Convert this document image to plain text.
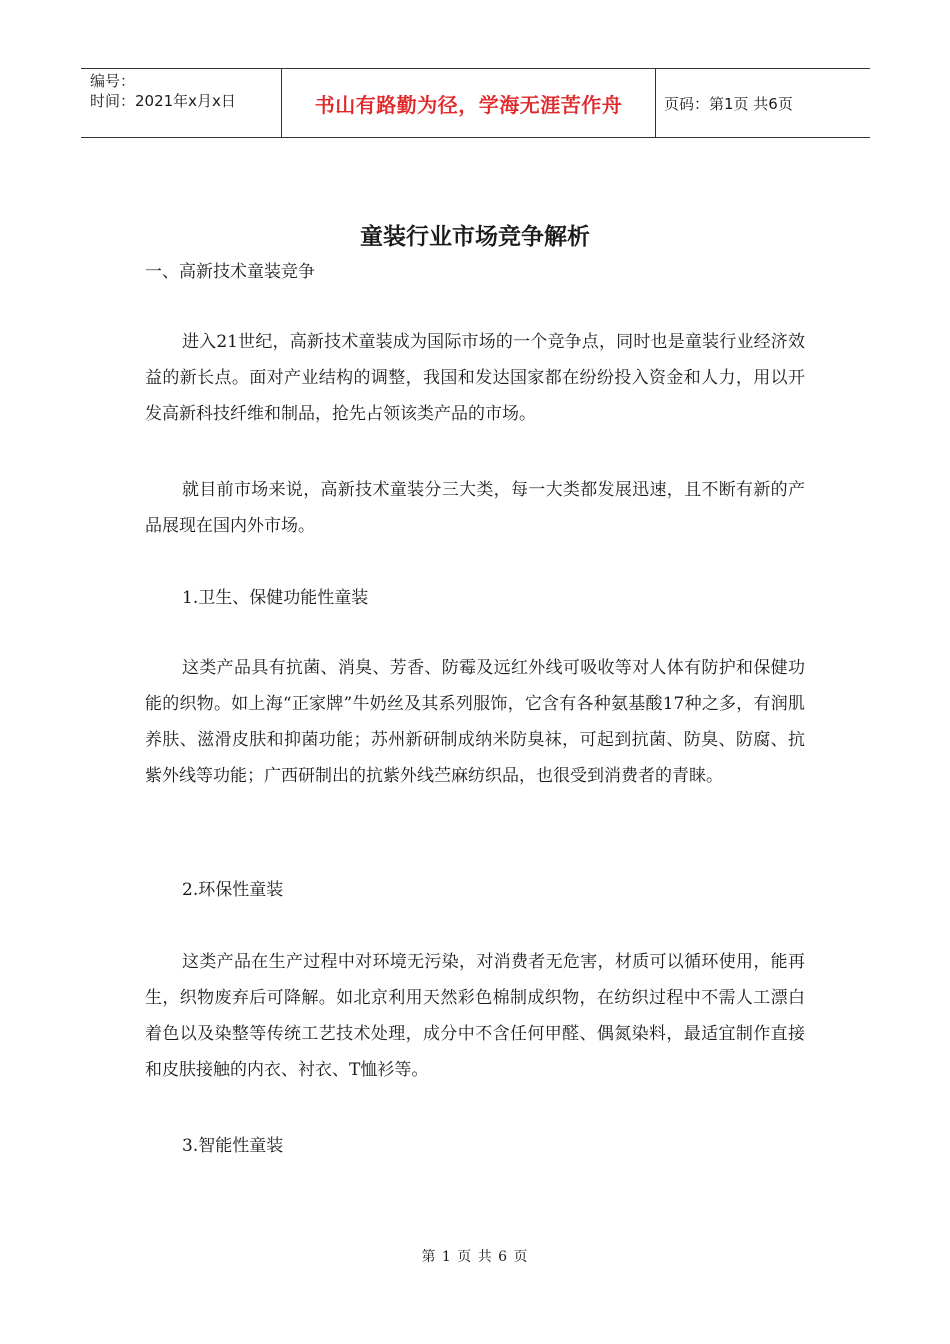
编号：
时间：2021年x月x日	书山有路勤为径，学海无涯苦作舟	页码：第1页 共6页
童装行业市场竞争解析
一、高新技术童装竞争

进入21世纪，高新技术童装成为国际市场的一个竞争点，同时也是童装行业经济效益的新长点。面对产业结构的调整，我国和发达国家都在纷纷投入资金和人力，用以开发高新科技纤维和制品，抢先占领该类产品的市场。

就目前市场来说，高新技术童装分三大类，每一大类都发展迅速，且不断有新的产品展现在国内外市场。

1.卫生、保健功能性童装

这类产品具有抗菌、消臭、芳香、防霉及远红外线可吸收等对人体有防护和保健功能的织物。如上海“正家牌”牛奶丝及其系列服饰，它含有各种氨基酸17种之多，有润肌养肤、滋滑皮肤和抑菌功能；苏州新研制成纳米防臭袜，可起到抗菌、防臭、防腐、抗紫外线等功能；广西研制出的抗紫外线苎麻纺织品，也很受到消费者的青睐。

2.环保性童装

这类产品在生产过程中对环境无污染，对消费者无危害，材质可以循环使用，能再生，织物废弃后可降解。如北京利用天然彩色棉制成织物，在纺织过程中不需人工漂白着色以及染整等传统工艺技术处理，成分中不含任何甲醛、偶氮染料，最适宜制作直接和皮肤接触的内衣、衬衣、T恤衫等。

3.智能性童装
第 1 页 共 6 页
